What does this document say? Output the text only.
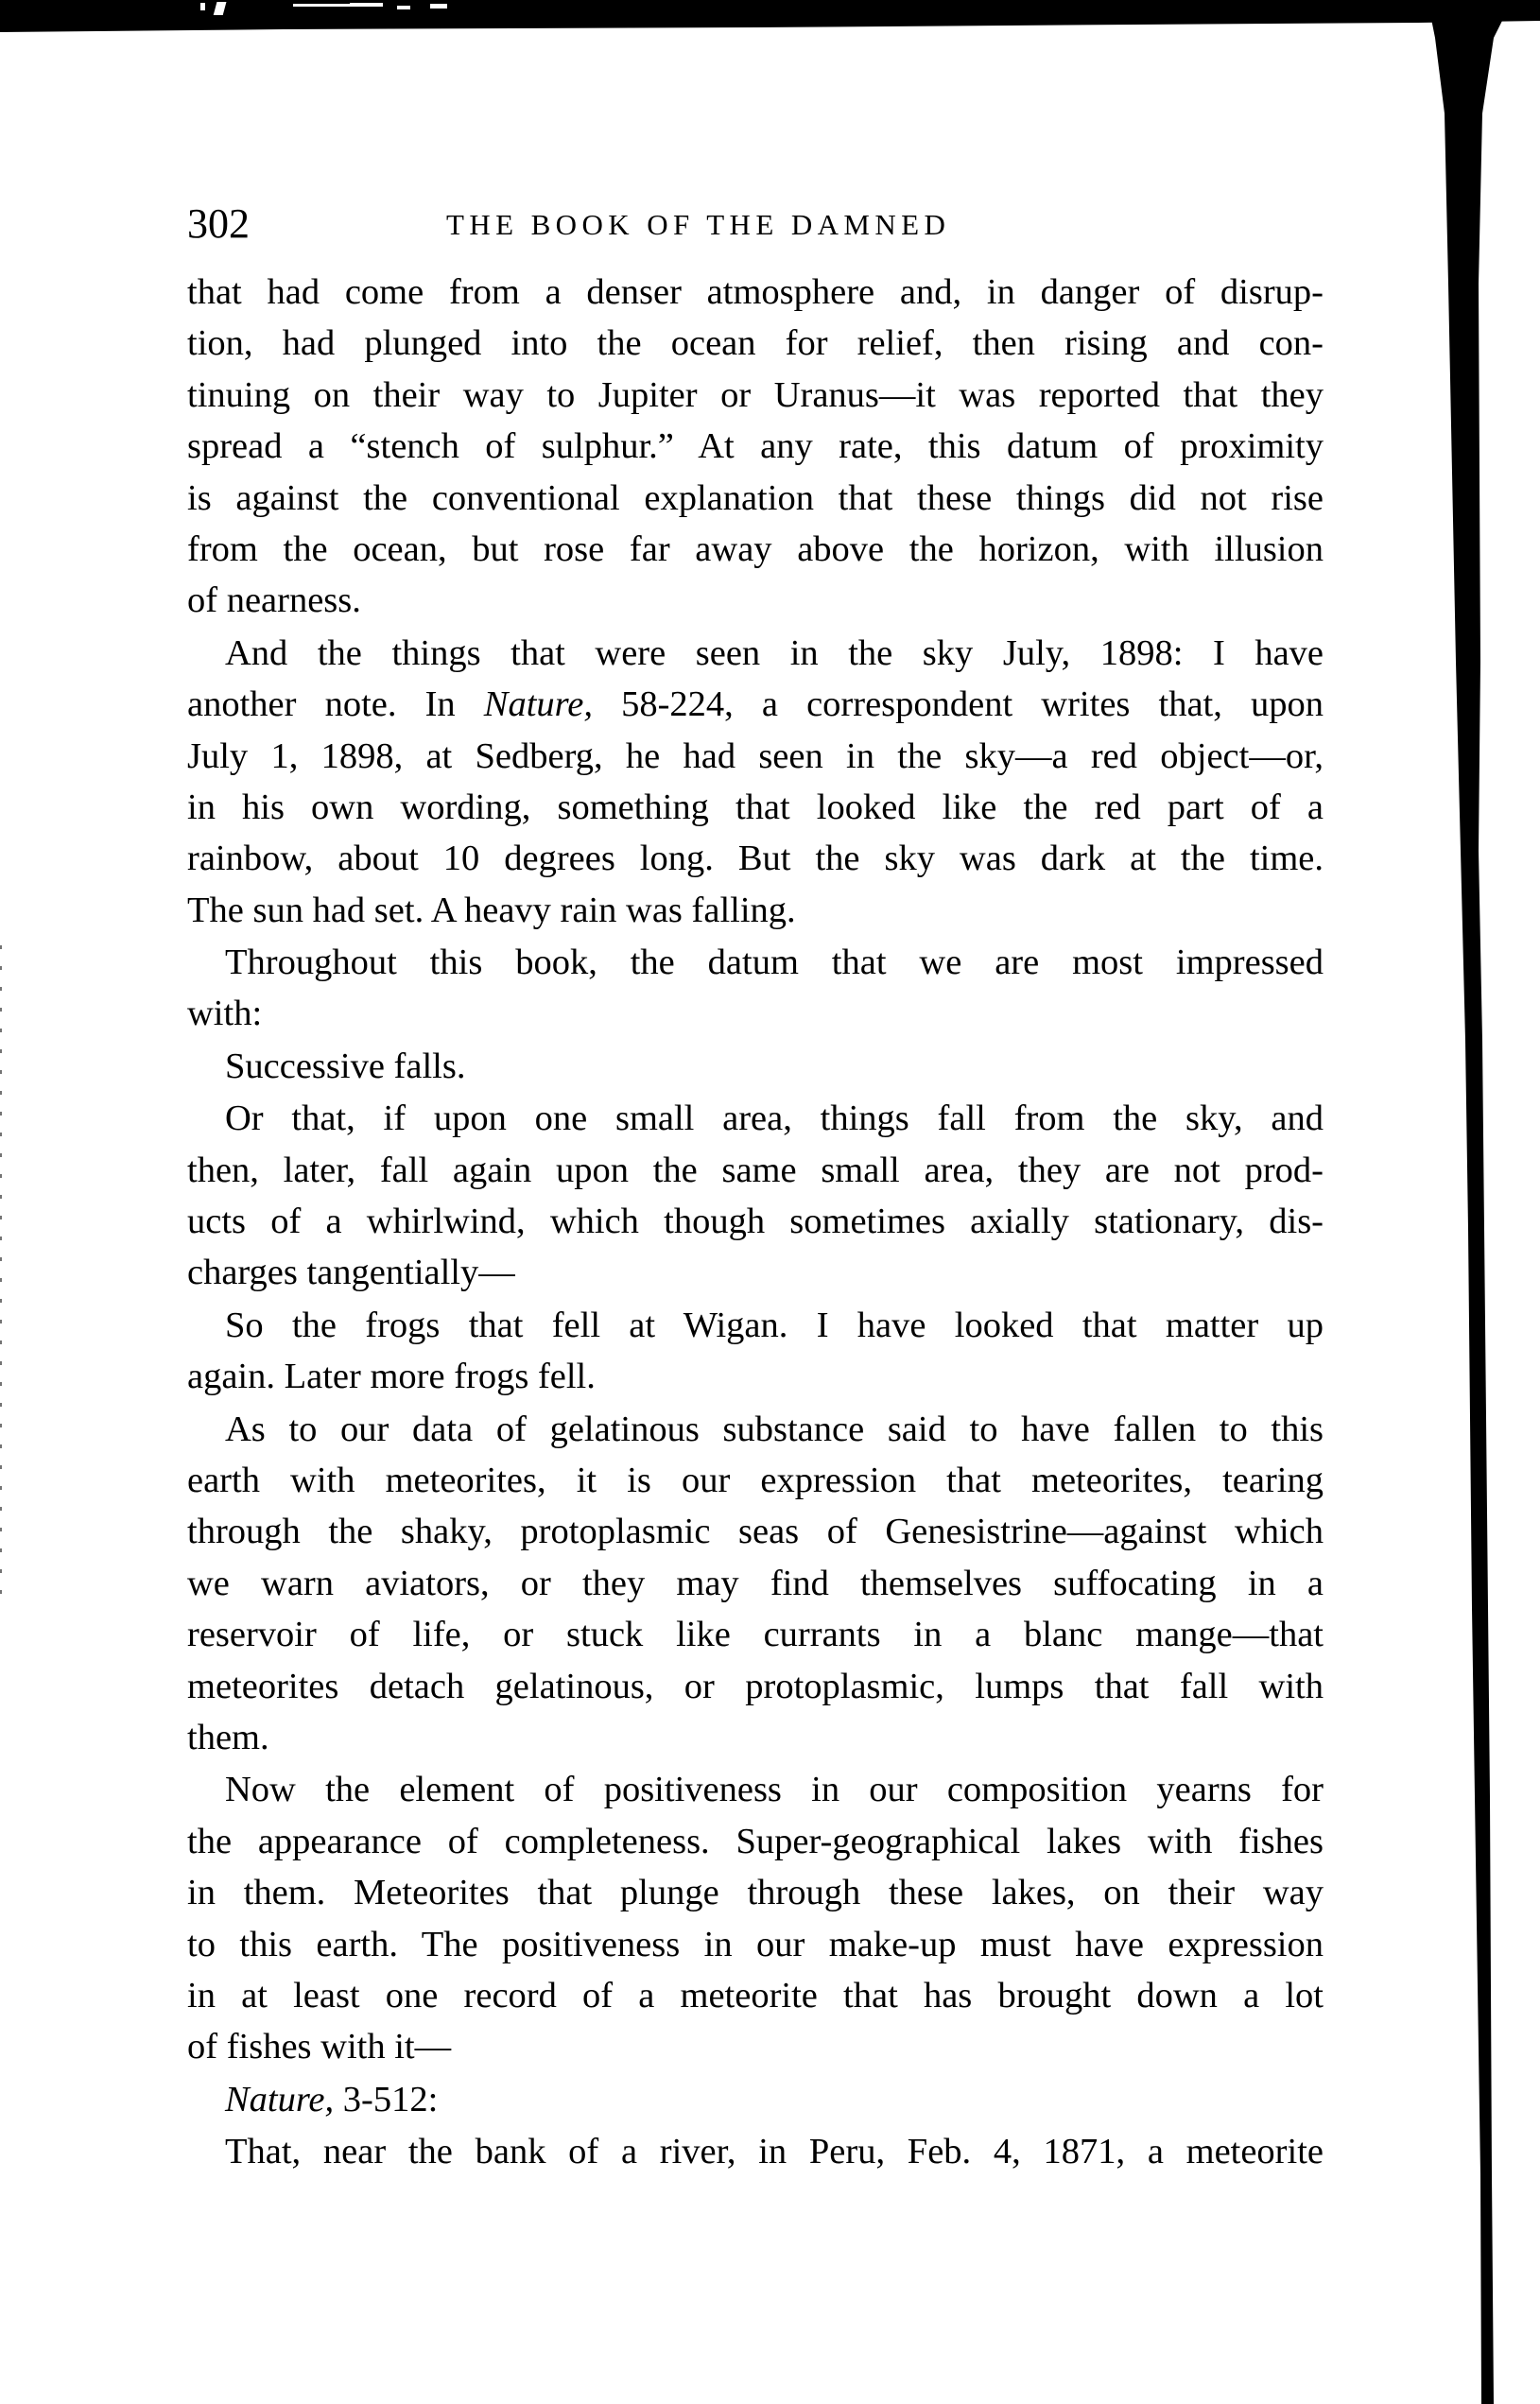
302	THE BOOK OF THE DAMNED
that had come from a denser atmosphere and, in danger of disrup-
tion, had plunged into the ocean for relief, then rising and con-
tinuing on their way to Jupiter or Uranus—it was reported that they
spread a “stench of sulphur.” At any rate, this datum of proximity
is against the conventional explanation that these things did not rise
from the ocean, but rose far away above the horizon, with illusion
of nearness.
And the things that were seen in the sky July, 1898: I have
another note. In Nature, 58-224, a correspondent writes that, upon
July 1, 1898, at Sedberg, he had seen in the sky—a red object—or,
in his own wording, something that looked like the red part of a
rainbow, about 10 degrees long. But the sky was dark at the time.
The sun had set. A heavy rain was falling.
Throughout this book, the datum that we are most impressed
with:
Successive falls.
Or that, if upon one small area, things fall from the sky, and
then, later, fall again upon the same small area, they are not prod-
ucts of a whirlwind, which though sometimes axially stationary, dis-
charges tangentially—
So the frogs that fell at Wigan. I have looked that matter up
again. Later more frogs fell.
As to our data of gelatinous substance said to have fallen to this
earth with meteorites, it is our expression that meteorites, tearing
through the shaky, protoplasmic seas of Genesistrine—against which
we warn aviators, or they may find themselves suffocating in a
reservoir of life, or stuck like currants in a blanc mange—that
meteorites detach gelatinous, or protoplasmic, lumps that fall with
them.
Now the element of positiveness in our composition yearns for
the appearance of completeness. Super-geographical lakes with fishes
in them. Meteorites that plunge through these lakes, on their way
to this earth. The positiveness in our make-up must have expression
in at least one record of a meteorite that has brought down a lot
of fishes with it—
Nature, 3-512:
That, near the bank of a river, in Peru, Feb. 4, 1871, a meteorite
